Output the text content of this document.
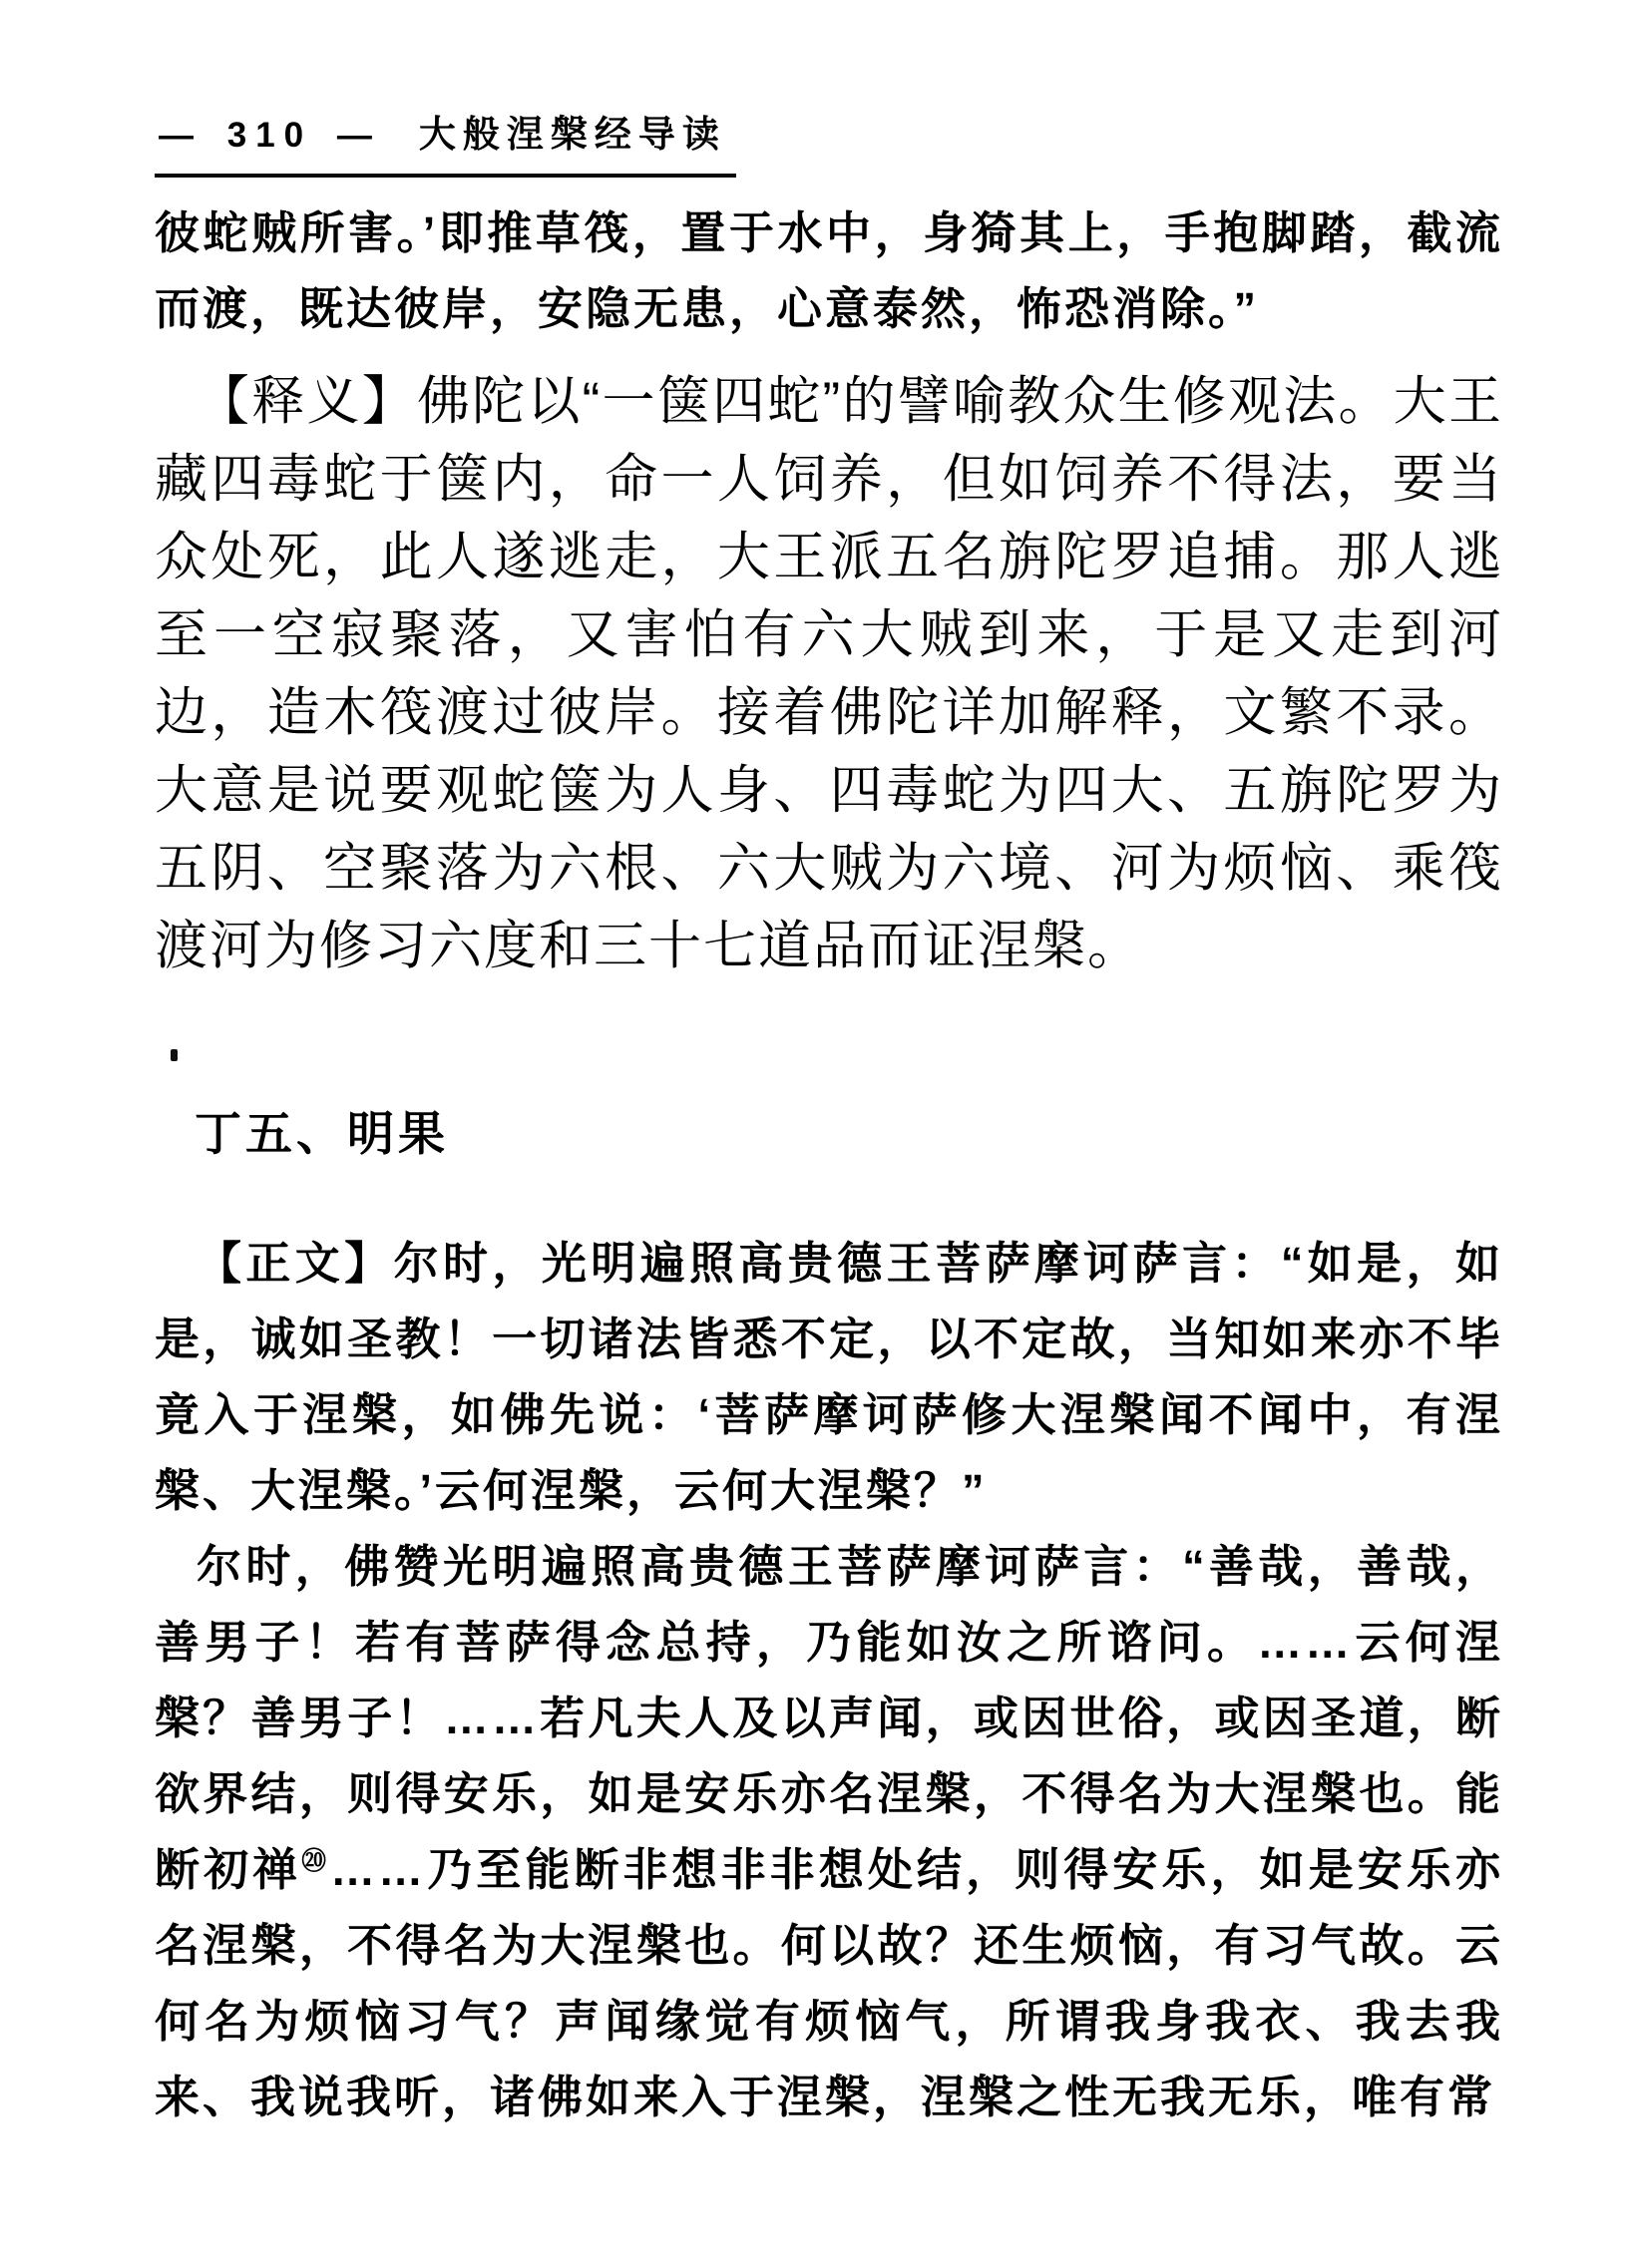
— 310 — 大般涅槃经导读
彼蛇贼所害。’即推草筏，置于水中，身猗其上，手抱脚踏，截流而渡，既达彼岸，安隐无患，心意泰然，怖恐消除。”
【释义】佛陀以“一箧四蛇”的譬喻教众生修观法。大王藏四毒蛇于箧内，命一人饲养，但如饲养不得法，要当众处死，此人遂逃走，大王派五名旃陀罗追捕。那人逃至一空寂聚落，又害怕有六大贼到来，于是又走到河边，造木筏渡过彼岸。接着佛陀详加解释，文繁不录。大意是说要观蛇箧为人身、四毒蛇为四大、五旃陀罗为五阴、空聚落为六根、六大贼为六境、河为烦恼、乘筏渡河为修习六度和三十七道品而证涅槃。
丁五、明果
【正文】尔时，光明遍照高贵德王菩萨摩诃萨言：“如是，如是，诚如圣教！一切诸法皆悉不定，以不定故，当知如来亦不毕竟入于涅槃，如佛先说：‘菩萨摩诃萨修大涅槃闻不闻中，有涅槃、大涅槃。’云何涅槃，云何大涅槃？”
尔时，佛赞光明遍照高贵德王菩萨摩诃萨言：“善哉，善哉，善男子！若有菩萨得念总持，乃能如汝之所谘问。……云何涅槃？善男子！……若凡夫人及以声闻，或因世俗，或因圣道，断欲界结，则得安乐，如是安乐亦名涅槃，不得名为大涅槃也。能断初禅⑳……乃至能断非想非非想处结，则得安乐，如是安乐亦名涅槃，不得名为大涅槃也。何以故？还生烦恼，有习气故。云何名为烦恼习气？声闻缘觉有烦恼气，所谓我身我衣、我去我来、我说我听，诸佛如来入于涅槃，涅槃之性无我无乐，唯有常
